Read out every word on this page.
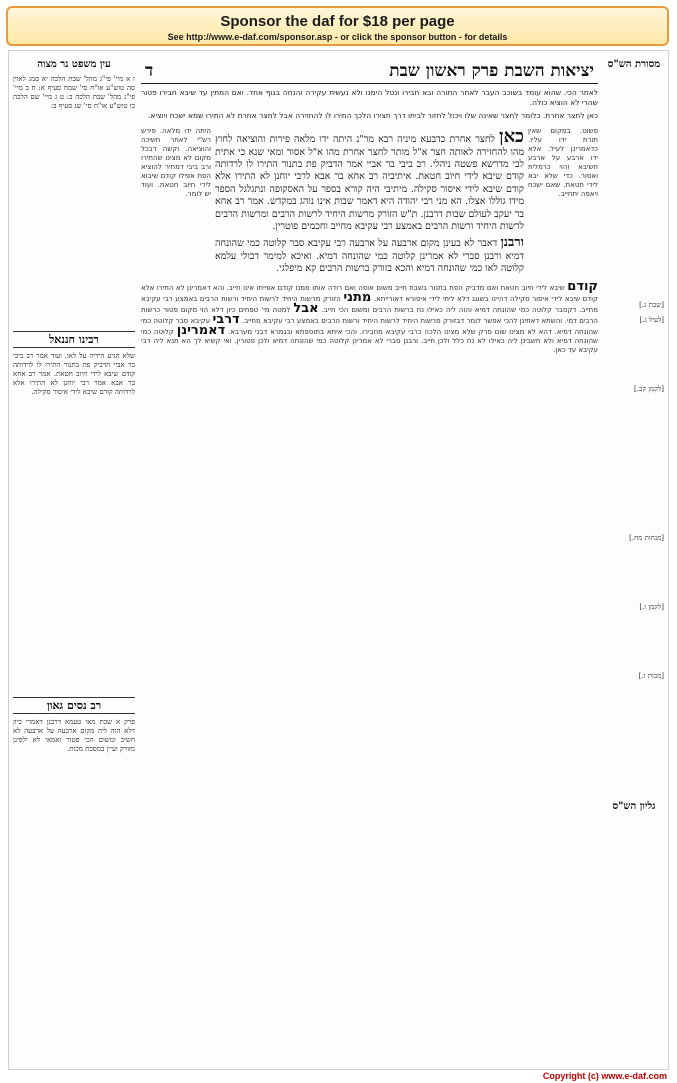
Sponsor the daf for $18 per page
See http://www.e-daf.com/sponsor.asp - or click the sponsor button - for details
מסורת הש"ס
[שבת ג.]
[לעיל ג.]
[לקמן קב.]
[מנחות מח.]
[לקמן ו.]
[מכות ו.]
גליון הש"ס
עין משפט נר מצוה
ז א מיי' פי"ג מהל' שבת הלכה יא סמג לאוין סה טוש"ע או"ח סי' שמח סעיף א: ח ב מיי' פי"ג מהל' שבת הלכה ב: ט ג מיי' שם הלכה כו טוש"ע או"ח סי' שנ סעיף ב:
רבינו חננאל
שלא הגיע הידיה על לאו. ועוד אמר רב ביבי בר אביי הדביק פת בתנור התירו לו לרדותה קודם שיבא לידי חיוב חטאת. אמר רב אחא בר אבא אמר רבי יוחנן לא התירו אלא לרדותה קודם שיבא לידי איסור סקילה.
רב נסים גאון
פרק א שבת מאי טעמא דרבנן דאמרי כיון דלא הוה ליה מקום ארבעה על ארבעה לא חשיב ומשום הכי פטור ואמאי לא ילפינן מזורק ועיין במסכת מכות.
יציאות השבת פרק ראשון שבת
ד
לאחר הכי. שהוא עומד בשוכב העבר לאחר התורה ובא חבירו ונטל הימנו ולא נעשית עקירה והנחה בגוף אחד. ואם המתין עד שיבא חבירו פטור שהרי לא הוציא כולה.
כאן לחצר אחרת. כלומר לחצר שאינה שלו ויכול לחזור לביתו דרך חצירו הלכך התירו לו להחזירה אבל לחצר אחרת לא התירו שמא ישכח ויוציא.
היתה ידו מלאה. פירש רש"י לאחר חשיכה והוציאה. וקשה דבכל מקום לא מצינו שהתירו ורב ביבי דמתיר להוציא הפת אפילו קודם שיבוא לידי חיוב חטאת. ועוד יש לומר.
פשוט. במקום שאין תורת ידו עליו. כדאמרינן לעיל. אלא ידו ארבע על ארבע חשיבא והוי כרמלית ואסור. כדי שלא יבא לידי חטאת. שאם ישכח ויאפה יתחייב.
כאן לחצר אחרת כדבעא מיניה רבא מר"נ היתה ידו מלאה פירות והוציאה לחוץ מהו להחזירה לאותה חצר א"ל מותר לחצר אחרת מהו א"ל אסור ומאי שנא כי אתית לבי מדרשא פשטה ניהלי. רב ביבי בר אביי אמר הדביק פת בתנור התירו לו לרדותה קודם שיבא לידי חיוב חטאת. איתיביה רב אחא בר אבא לרבי יוחנן לא התירו אלא קודם שיבא לידי איסור סקילה. מיתיבי היה קורא בספר על האסקופה ונתגלגל הספר מידו גוללו אצלו. הא מני רבי יהודה היא דאמר שבות אינו נוהג במקדש. אמר רב אחא בר יעקב לעולם שבות דרבנן. ת"ש הזורק מרשות היחיד לרשות הרבים ומרשות הרבים לרשות היחיד ורשות הרבים באמצע רבי עקיבא מחייב וחכמים פוטרין.
ורבנן דאבר לא בעינן מקום ארבעה על ארבעה רבי עקיבא סבר קלוטה כמי שהונחה דמיא ורבנן סברי לא אמרינן קלוטה כמי שהונחה דמיא. ואיכא למימר דכולי עלמא קלוטה לאו כמי שהונחה דמיא והכא בזורק ברשות הרבים קא מיפלגי.
קודם שיבא לידי חיוב חטאת ואם מדביק הפת בתנור בשבת חייב משום אופה ואם רודה אותו ממנו קודם אפייתו אינו חייב. והא דאמרינן לא התירו אלא קודם שיבא לידי איסור סקילה דהיינו בשוגג דלא ליתי לידי איסורא דאורייתא. מתני הזורק מרשות היחיד לרשות היחיד ורשות הרבים באמצע רבי עקיבא מחייב. דקסבר קלוטה כמי שהונחה דמיא והוה ליה כאילו נח ברשות הרבים ומשום הכי חייב. אבל למטה מי' טפחים כיון דלא הוי מקום פטור כרשות הרבים דמי. והשתא דאתינן להכי אפשר לומר דבזורק מרשות היחיד לרשות היחיד ורשות הרבים באמצע רבי עקיבא מחייב. דרבי עקיבא סבר קלוטה כמי שהונחה דמיא. דהא לא מצינו שום פרק שלא מצינו הלכה כרבי עקיבא מחבירו. והכי איתא בתוספתא ובגמרא דבני מערבא. דאמרינן קלוטה כמי שהונחה דמיא ולא חשבינן ליה כאילו לא נח כלל ולכן חייב. ורבנן סברי לא אמרינן קלוטה כמי שהונחה דמיא ולכן פטורין. ואי קשיא לך הא תנא ליה רבי עקיבא עד כאן.
Copyright (c) www.e-daf.com
